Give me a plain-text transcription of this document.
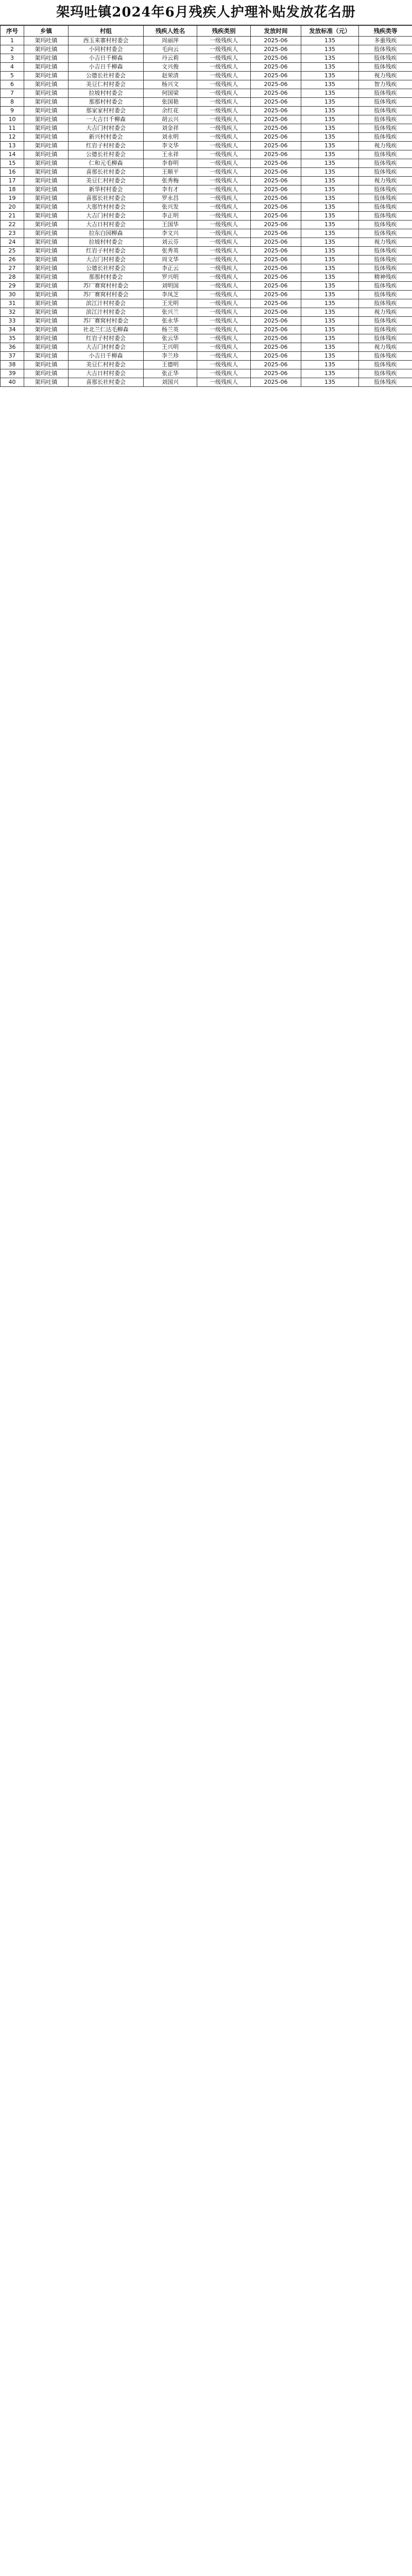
架玛吐镇2024年6月残疾人护理补贴发放花名册
序号	乡镇	村组	残疾人姓名	残疾类别	发放时间	发放标准（元）	残疾类等
1	架玛吐镇	西玉来寨村村委会	周丽萍	一级残疾人	2025-06	135	多重残疾
2	架玛吐镇	小同村村委会	毛向云	一级残疾人	2025-06	135	肢体残疾
3	架玛吐镇	小吉日千柳森	丹云莉	一级残疾人	2025-06	135	肢体残疾
4	架玛吐镇	小吉日千柳森	文兴俊	一级残疾人	2025-06	135	肢体残疾
5	架玛吐镇	公德长社村委会	赵荣清	一级残疾人	2025-06	135	视力残疾
6	架玛吐镇	美豆仁村村委会	杨兴文	一级残疾人	2025-06	135	智力残疾
7	架玛吐镇	拉坡村村委会	何国梁	一级残疾人	2025-06	135	肢体残疾
8	架玛吐镇	那那村村委会	张国艳	一级残疾人	2025-06	135	肢体残疾
9	架玛吐镇	那家家村村委会	余红花	一级残疾人	2025-06	135	肢体残疾
10	架玛吐镇	一大吉日千柳森	胡云兴	一级残疾人	2025-06	135	肢体残疾
11	架玛吐镇	大吉门村村委会	刘金祥	一级残疾人	2025-06	135	肢体残疾
12	架玛吐镇	新兴村村委会	刘永明	一级残疾人	2025-06	135	肢体残疾
13	架玛吐镇	红岩子村村委会	李文华	一级残疾人	2025-06	135	视力残疾
14	架玛吐镇	公德长社村委会	王永祥	一级残疾人	2025-06	135	肢体残疾
15	架玛吐镇	仁和元毛柳森	李春明	一级残疾人	2025-06	135	肢体残疾
16	架玛吐镇	喜那长社村委会	王顺平	一级残疾人	2025-06	135	肢体残疾
17	架玛吐镇	美豆仁村村委会	张秀梅	一级残疾人	2025-06	135	视力残疾
18	架玛吐镇	新华村村委会	李有才	一级残疾人	2025-06	135	肢体残疾
19	架玛吐镇	喜那长社村委会	罗永昌	一级残疾人	2025-06	135	肢体残疾
20	架玛吐镇	大那竹村村委会	张兴发	一级残疾人	2025-06	135	肢体残疾
21	架玛吐镇	大吉门村村委会	李正明	一级残疾人	2025-06	135	肢体残疾
22	架玛吐镇	大吉日村村委会	王国华	一级残疾人	2025-06	135	肢体残疾
23	架玛吐镇	拉东白园柳森	李文兴	一级残疾人	2025-06	135	肢体残疾
24	架玛吐镇	拉坡村村委会	刘云芬	一级残疾人	2025-06	135	视力残疾
25	架玛吐镇	红岩子村村委会	张秀英	一级残疾人	2025-06	135	肢体残疾
26	架玛吐镇	大吉门村村委会	周文华	一级残疾人	2025-06	135	肢体残疾
27	架玛吐镇	公德长社村委会	李正云	一级残疾人	2025-06	135	肢体残疾
28	架玛吐镇	那那村村委会	罗兴明	一级残疾人	2025-06	135	精神残疾
29	架玛吐镇	苏厂赛窝村村委会	刘明国	一级残疾人	2025-06	135	肢体残疾
30	架玛吐镇	苏厂赛窝村村委会	李凤芝	一级残疾人	2025-06	135	肢体残疾
31	架玛吐镇	滨江汁村村委会	王光明	一级残疾人	2025-06	135	肢体残疾
32	架玛吐镇	滨江汁村村委会	张兴兰	一级残疾人	2025-06	135	视力残疾
33	架玛吐镇	苏厂赛窝村村委会	张永华	一级残疾人	2025-06	135	肢体残疾
34	架玛吐镇	社北兰仁达毛柳森	杨兰英	一级残疾人	2025-06	135	肢体残疾
35	架玛吐镇	红岩子村村委会	张云华	一级残疾人	2025-06	135	肢体残疾
36	架玛吐镇	大吉门村村委会	王兴明	一级残疾人	2025-06	135	视力残疾
37	架玛吐镇	小吉日千柳森	李兰珍	一级残疾人	2025-06	135	肢体残疾
38	架玛吐镇	美豆仁村村委会	王德明	一级残疾人	2025-06	135	肢体残疾
39	架玛吐镇	大吉日村村委会	张正华	一级残疾人	2025-06	135	肢体残疾
40	架玛吐镇	喜那长社村委会	刘国兴	一级残疾人	2025-06	135	肢体残疾
